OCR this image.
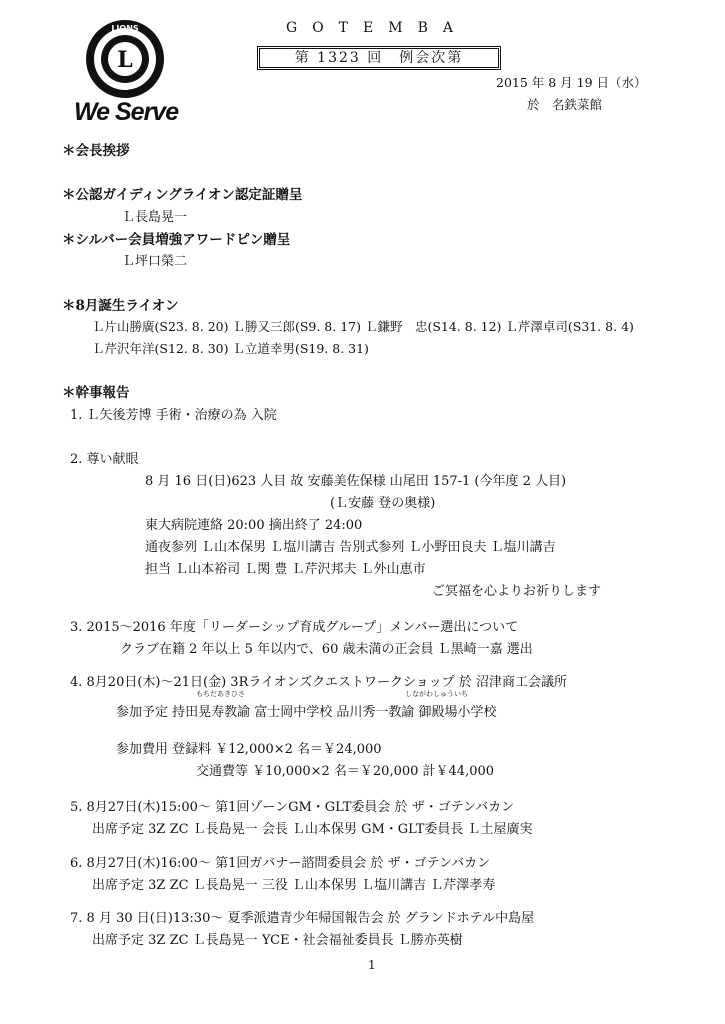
L
LIONS
We Serve
GOTEMBA
第 1323 回　例会次第
2015 年 8 月 19 日（水）
於　名鉄菜館
＊会長挨拶
＊公認ガイディングライオン認定証贈呈
Ｌ長島晃一
＊シルバー会員増強アワードピン贈呈
Ｌ坪口榮二
＊8月誕生ライオン
Ｌ片山勝廣(S23. 8. 20) Ｌ勝又三郎(S9. 8. 17) Ｌ鎌野　忠(S14. 8. 12) Ｌ芹澤卓司(S31. 8. 4)
Ｌ芹沢年洋(S12. 8. 30) Ｌ立道幸男(S19. 8. 31)
＊幹事報告
1. Ｌ矢後芳博 手術・治療の為 入院
2. 尊い献眼
8 月 16 日(日)623 人目 故 安藤美佐保様 山尾田 157-1 (今年度 2 人目)
(Ｌ安藤 登の奥様)
東大病院連絡 20:00 摘出終了 24:00
通夜参列 Ｌ山本保男 Ｌ塩川講吉 告別式参列 Ｌ小野田良夫 Ｌ塩川講吉
担当 Ｌ山本裕司 Ｌ関 豊 Ｌ芹沢邦夫 Ｌ外山恵市
ご冥福を心よりお祈りします
3. 2015～2016 年度「リーダーシップ育成グループ」メンバー選出について
クラブ在籍 2 年以上 5 年以内で、60 歳未満の正会員 Ｌ黒崎一嘉 選出
4. 8月20日(木)～21日(金) 3Rライオンズクエストワークショップ 於 沼津商工会議所
もちだあきひさ	しながわしゅういち
参加予定 持田晃寿教諭 富士岡中学校 品川秀一教諭 御殿場小学校
参加費用 登録料 ￥12,000×2 名＝￥24,000
交通費等 ￥10,000×2 名＝￥20,000 計￥44,000
5. 8月27日(木)15:00～ 第1回ゾーンGM・GLT委員会 於 ザ・ゴテンバカン
出席予定 3Z ZC Ｌ長島晃一 会長 Ｌ山本保男 GM・GLT委員長 Ｌ土屋廣実
6. 8月27日(木)16:00～ 第1回ガバナー諮問委員会 於 ザ・ゴテンバカン
出席予定 3Z ZC Ｌ長島晃一 三役 Ｌ山本保男 Ｌ塩川講吉 Ｌ芹澤孝寿
7. 8 月 30 日(日)13:30～ 夏季派遣青少年帰国報告会 於 グランドホテル中島屋
出席予定 3Z ZC Ｌ長島晃一 YCE・社会福祉委員長 Ｌ勝亦英樹
1
